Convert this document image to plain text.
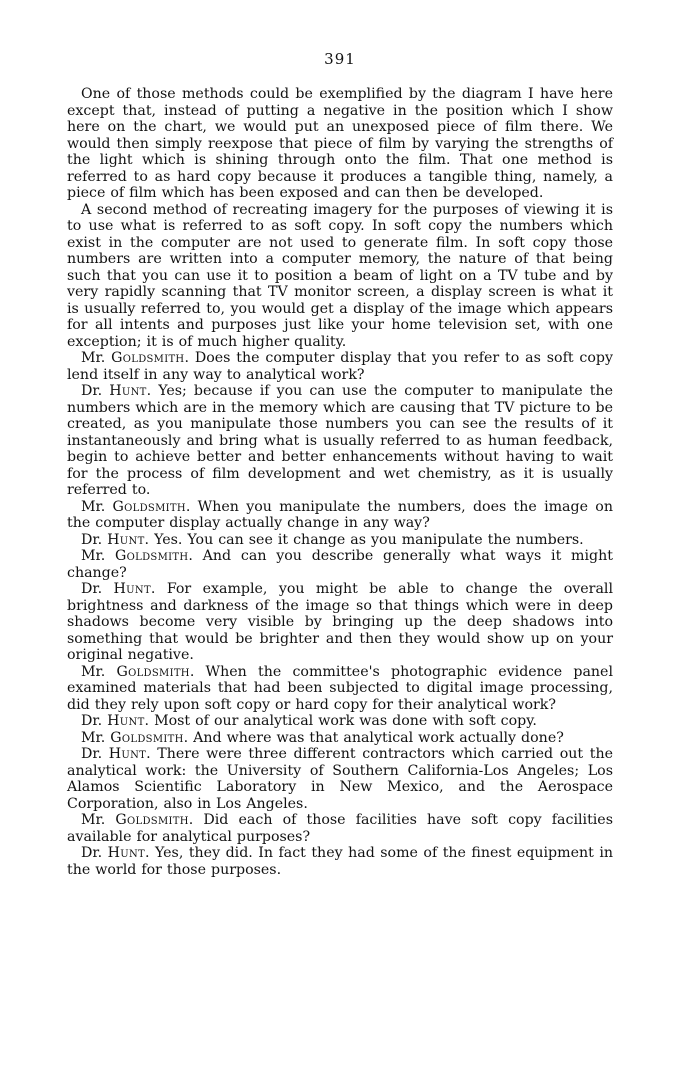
391

One of those methods could be exemplified by the diagram I have here except that, instead of putting a negative in the position which I show here on the chart, we would put an unexposed piece of film there. We would then simply reexpose that piece of film by varying the strengths of the light which is shining through onto the film. That one method is referred to as hard copy because it produces a tangible thing, namely, a piece of film which has been exposed and can then be developed.

A second method of recreating imagery for the purposes of viewing it is to use what is referred to as soft copy. In soft copy the numbers which exist in the computer are not used to generate film. In soft copy those numbers are written into a computer memory, the nature of that being such that you can use it to position a beam of light on a TV tube and by very rapidly scanning that TV monitor screen, a display screen is what it is usually referred to, you would get a display of the image which appears for all intents and purposes just like your home television set, with one exception; it is of much higher quality.

Mr. Goldsmith. Does the computer display that you refer to as soft copy lend itself in any way to analytical work?

Dr. Hunt. Yes; because if you can use the computer to manipulate the numbers which are in the memory which are causing that TV picture to be created, as you manipulate those numbers you can see the results of it instantaneously and bring what is usually referred to as human feedback, begin to achieve better and better enhancements without having to wait for the process of film development and wet chemistry, as it is usually referred to.

Mr. Goldsmith. When you manipulate the numbers, does the image on the computer display actually change in any way?

Dr. Hunt. Yes. You can see it change as you manipulate the numbers.

Mr. Goldsmith. And can you describe generally what ways it might change?

Dr. Hunt. For example, you might be able to change the overall brightness and darkness of the image so that things which were in deep shadows become very visible by bringing up the deep shadows into something that would be brighter and then they would show up on your original negative.

Mr. Goldsmith. When the committee's photographic evidence panel examined materials that had been subjected to digital image processing, did they rely upon soft copy or hard copy for their analytical work?

Dr. Hunt. Most of our analytical work was done with soft copy.

Mr. Goldsmith. And where was that analytical work actually done?

Dr. Hunt. There were three different contractors which carried out the analytical work: the University of Southern California-Los Angeles; Los Alamos Scientific Laboratory in New Mexico, and the Aerospace Corporation, also in Los Angeles.

Mr. Goldsmith. Did each of those facilities have soft copy facilities available for analytical purposes?

Dr. Hunt. Yes, they did. In fact they had some of the finest equipment in the world for those purposes.
